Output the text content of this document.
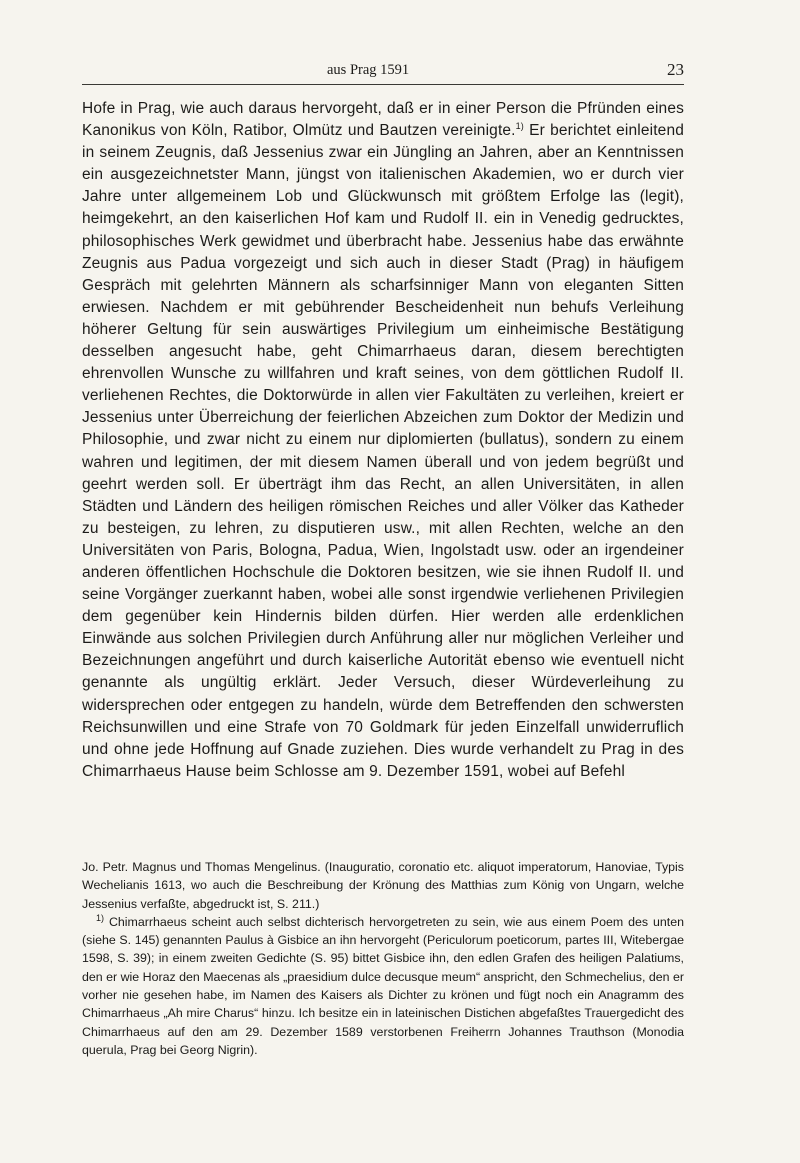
aus Prag 1591	23

Hofe in Prag, wie auch daraus hervorgeht, daß er in einer Person die Pfründen eines Kanonikus von Köln, Ratibor, Olmütz und Bautzen vereinigte.$^{1)}$ Er berichtet einleitend in seinem Zeugnis, daß Jessenius zwar ein Jüngling an Jahren, aber an Kenntnissen ein ausgezeichnetster Mann, jüngst von italienischen Akademien, wo er durch vier Jahre unter allgemeinem Lob und Glückwunsch mit größtem Erfolge las (legit), heimgekehrt, an den kaiserlichen Hof kam und Rudolf II. ein in Venedig gedrucktes, philosophisches Werk gewidmet und überbracht habe. Jessenius habe das erwähnte Zeugnis aus Padua vorgezeigt und sich auch in dieser Stadt (Prag) in häufigem Gespräch mit gelehrten Männern als scharfsinniger Mann von eleganten Sitten erwiesen. Nachdem er mit gebührender Bescheidenheit nun behufs Verleihung höherer Geltung für sein auswärtiges Privilegium um einheimische Bestätigung desselben angesucht habe, geht Chimarrhaeus daran, diesem berechtigten ehrenvollen Wunsche zu willfahren und kraft seines, von dem göttlichen Rudolf II. verliehenen Rechtes, die Doktorwürde in allen vier Fakultäten zu verleihen, kreiert er Jessenius unter Überreichung der feierlichen Abzeichen zum Doktor der Medizin und Philosophie, und zwar nicht zu einem nur diplomierten (bullatus), sondern zu einem wahren und legitimen, der mit diesem Namen überall und von jedem begrüßt und geehrt werden soll. Er überträgt ihm das Recht, an allen Universitäten, in allen Städten und Ländern des heiligen römischen Reiches und aller Völker das Katheder zu besteigen, zu lehren, zu disputieren usw., mit allen Rechten, welche an den Universitäten von Paris, Bologna, Padua, Wien, Ingolstadt usw. oder an irgendeiner anderen öffentlichen Hochschule die Doktoren besitzen, wie sie ihnen Rudolf II. und seine Vorgänger zuerkannt haben, wobei alle sonst irgendwie verliehenen Privilegien dem gegenüber kein Hindernis bilden dürfen. Hier werden alle erdenklichen Einwände aus solchen Privilegien durch Anführung aller nur möglichen Verleiher und Bezeichnungen angeführt und durch kaiserliche Autorität ebenso wie eventuell nicht genannte als ungültig erklärt. Jeder Versuch, dieser Würdeverleihung zu widersprechen oder entgegen zu handeln, würde dem Betreffenden den schwersten Reichsunwillen und eine Strafe von 70 Goldmark für jeden Einzelfall unwiderruflich und ohne jede Hoffnung auf Gnade zuziehen. Dies wurde verhandelt zu Prag in des Chimarrhaeus Hause beim Schlosse am 9. Dezember 1591, wobei auf Befehl

Jo. Petr. Magnus und Thomas Mengelinus. (Inauguratio, coronatio etc. aliquot imperatorum, Hanoviae, Typis Wechelianis 1613, wo auch die Beschreibung der Krönung des Matthias zum König von Ungarn, welche Jessenius verfaßte, abgedruckt ist, S. 211.)

$^{1)}$ Chimarrhaeus scheint auch selbst dichterisch hervorgetreten zu sein, wie aus einem Poem des unten (siehe S. 145) genannten Paulus à Gisbice an ihn hervorgeht (Periculorum poeticorum, partes III, Witebergae 1598, S. 39); in einem zweiten Gedichte (S. 95) bittet Gisbice ihn, den edlen Grafen des heiligen Palatiums, den er wie Horaz den Maecenas als „praesidium dulce decusque meum“ anspricht, den Schmechelius, den er vorher nie gesehen habe, im Namen des Kaisers als Dichter zu krönen und fügt noch ein Anagramm des Chimarrhaeus „Ah mire Charus“ hinzu. Ich besitze ein in lateinischen Distichen abgefaßtes Trauergedicht des Chimarrhaeus auf den am 29. Dezember 1589 verstorbenen Freiherrn Johannes Trauthson (Monodia querula, Prag bei Georg Nigrin).
